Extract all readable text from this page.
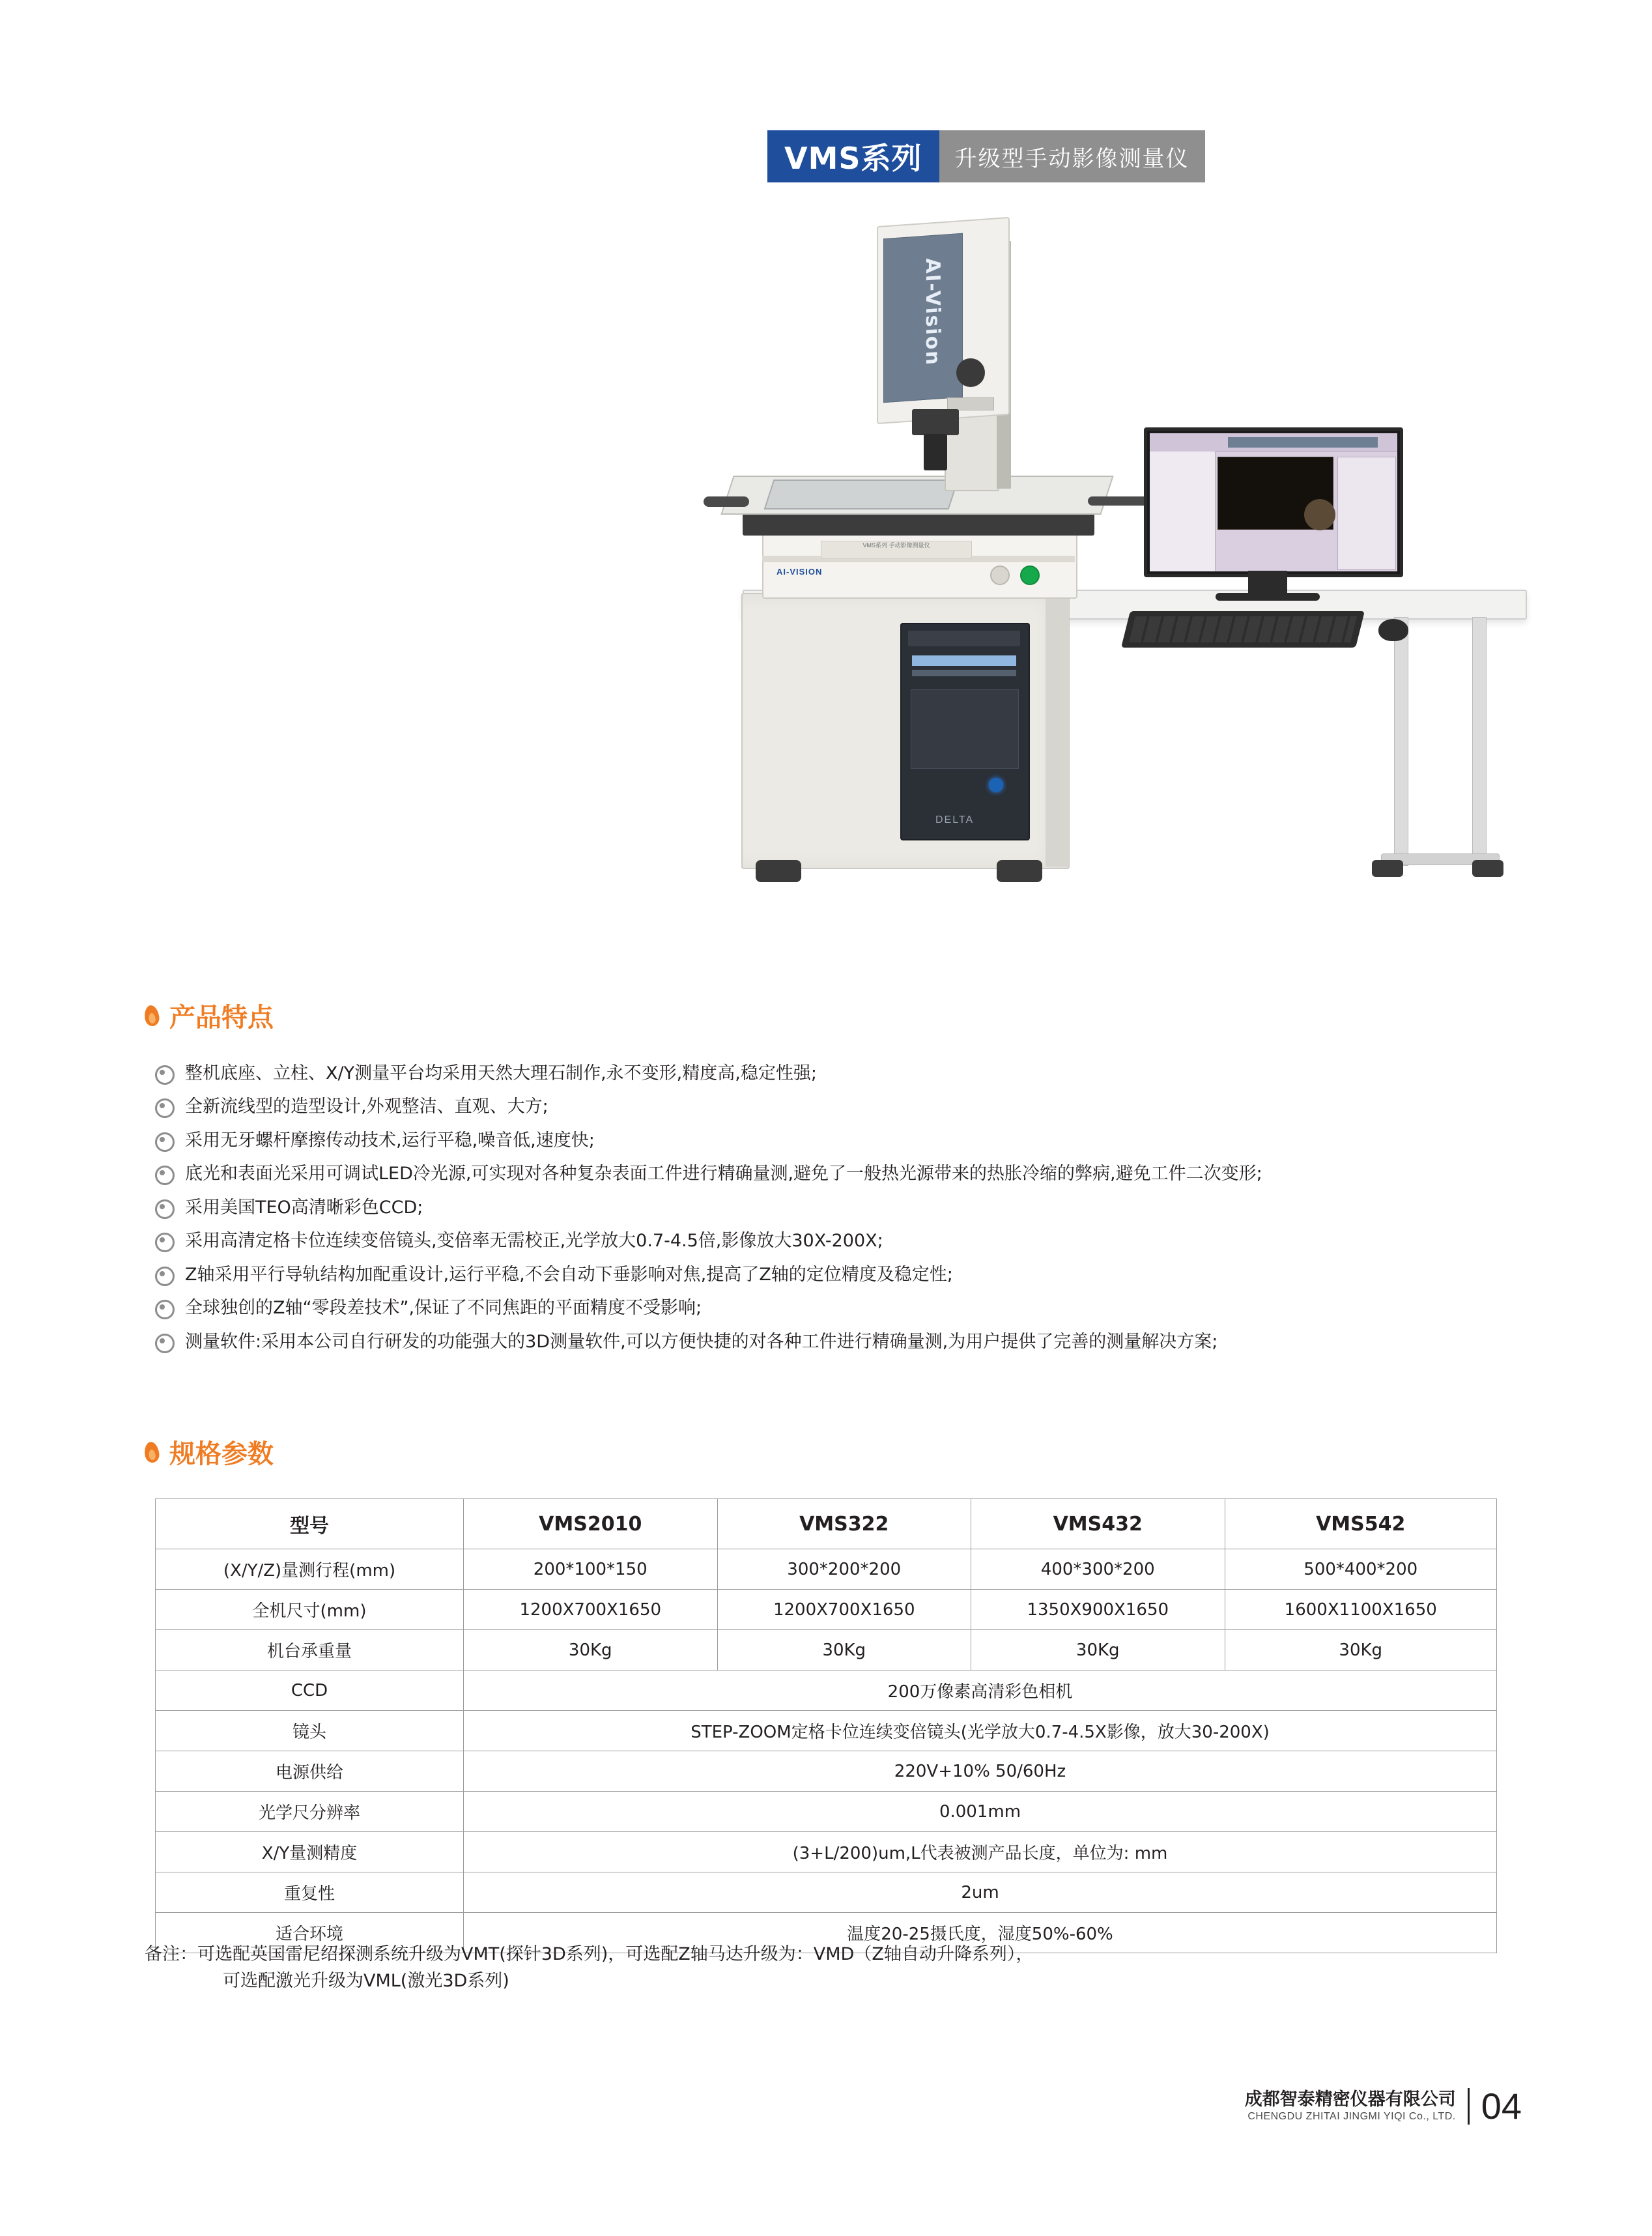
VMS系列	升级型手动影像测量仪
DELTA
VMS系列 手动影像测量仪
AI-VISION
AI-Vision
产品特点
整机底座、立柱、X/Y测量平台均采用天然大理石制作,永不变形,精度高,稳定性强;
全新流线型的造型设计,外观整洁、直观、大方;
采用无牙螺杆摩擦传动技术,运行平稳,噪音低,速度快;
底光和表面光采用可调试LED冷光源,可实现对各种复杂表面工件进行精确量测,避免了一般热光源带来的热胀冷缩的弊病,避免工件二次变形;
采用美国TEO高清晰彩色CCD;
采用高清定格卡位连续变倍镜头,变倍率无需校正,光学放大0.7-4.5倍,影像放大30X-200X;
Z轴采用平行导轨结构加配重设计,运行平稳,不会自动下垂影响对焦,提高了Z轴的定位精度及稳定性;
全球独创的Z轴“零段差技术”,保证了不同焦距的平面精度不受影响;
测量软件:采用本公司自行研发的功能强大的3D测量软件,可以方便快捷的对各种工件进行精确量测,为用户提供了完善的测量解决方案;
规格参数
型号	VMS2010	VMS322	VMS432	VMS542
(X/Y/Z)量测行程(mm)	200*100*150	300*200*200	400*300*200	500*400*200
全机尺寸(mm)	1200X700X1650	1200X700X1650	1350X900X1650	1600X1100X1650
机台承重量	30Kg	30Kg	30Kg	30Kg
CCD	200万像素高清彩色相机			
镜头	STEP-ZOOM定格卡位连续变倍镜头(光学放大0.7-4.5X影像，放大30-200X)			
电源供给	220V+10% 50/60Hz			
光学尺分辨率	0.001mm			
X/Y量测精度	(3+L/200)um,L代表被测产品长度，单位为: mm			
重复性	2um			
适合环境	温度20-25摄氏度，湿度50%-60%			
备注：可选配英国雷尼绍探测系统升级为VMT(探针3D系列)，可选配Z轴马达升级为：VMD（Z轴自动升降系列），
可选配激光升级为VML(激光3D系列)
成都智泰精密仪器有限公司
CHENGDU ZHITAI JINGMI YIQI Co., LTD. 04
